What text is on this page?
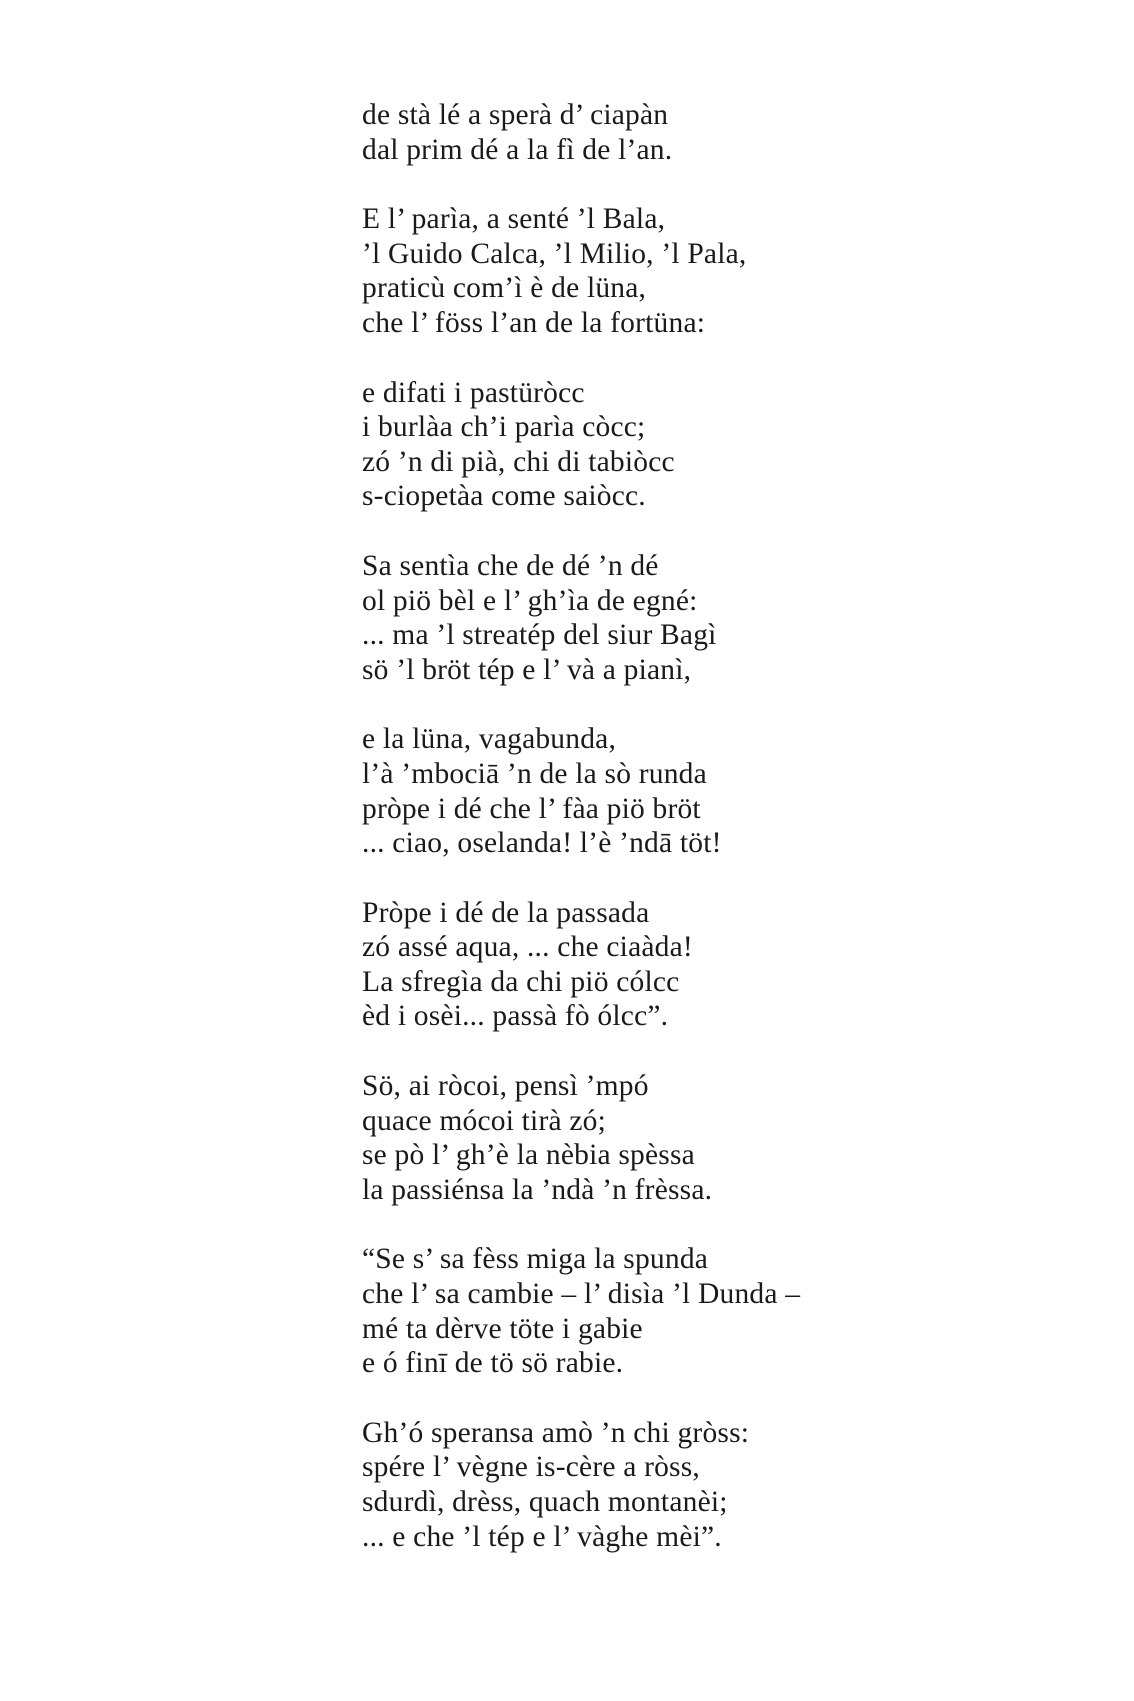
de stà lé a sperà d’ ciapàn
dal prim dé a la fì de l’an.
E l’ parìa, a senté ’l Bala,
’l Guido Calca, ’l Milio, ’l Pala,
praticù com’ì è de lüna,
che l’ föss l’an de la fortüna:
e difati i pastüròcc
i burlàa ch’i parìa còcc;
zó ’n di pià, chi di tabiòcc
s-ciopetàa come saiòcc.
Sa sentìa che de dé ’n dé
ol piö bèl e l’ gh’ìa de egné:
... ma ’l streatép del siur Bagì
sö ’l bröt tép e l’ và a pianì,
e la lüna, vagabunda,
l’à ’mbociā ’n de la sò runda
pròpe i dé che l’ fàa piö bröt
... ciao, oselanda! l’è ’ndā töt!
Pròpe i dé de la passada
zó assé aqua, ... che ciaàda!
La sfregìa da chi piö cólcc
èd i osèi... passà fò ólcc”.
Sö, ai ròcoi, pensì ’mpó
quace mócoi tirà zó;
se pò l’ gh’è la nèbia spèssa
la passiénsa la ’ndà ’n frèssa.
“Se s’ sa fèss miga la spunda
che l’ sa cambie – l’ disìa ’l Dunda –
mé ta dèrve töte i gabie
e ó finī de tö sö rabie.
Gh’ó speransa amò ’n chi gròss:
spére l’ vègne is-cère a ròss,
sdurdì, drèss, quach montanèi;
... e che ’l tép e l’ vàghe mèi”.
